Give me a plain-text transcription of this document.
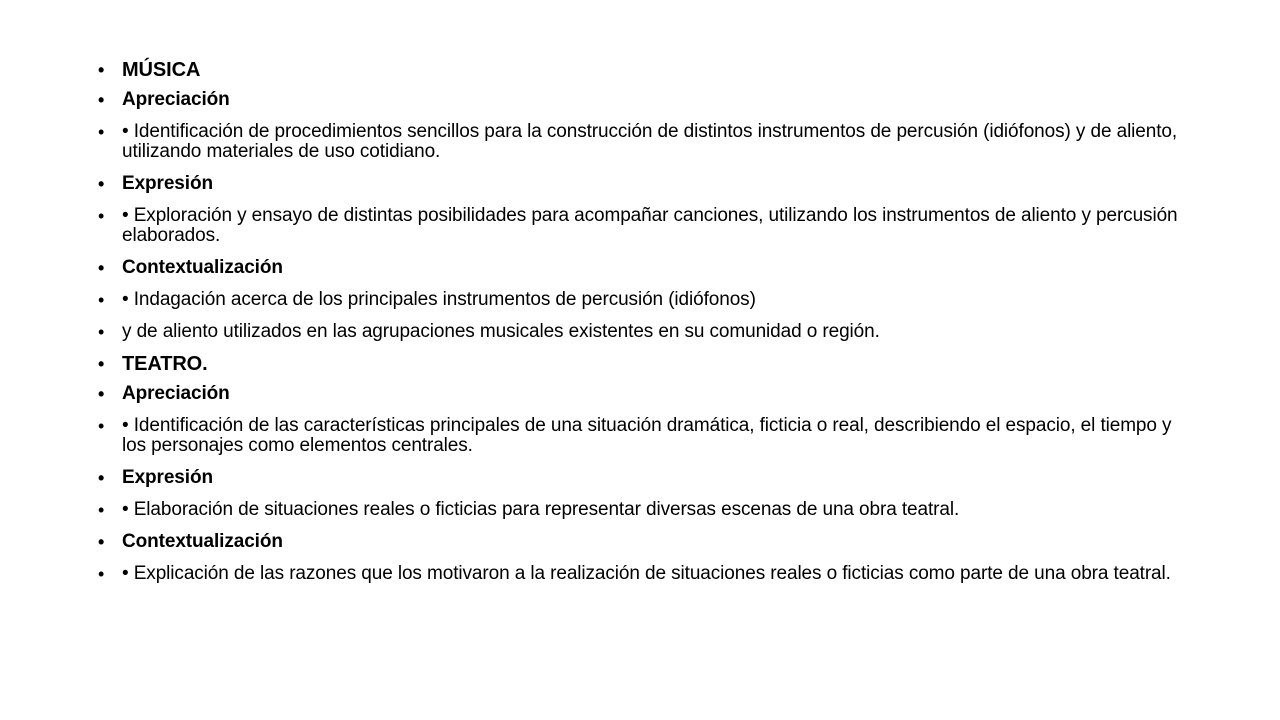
• MÚSICA
• Apreciación
• • Identificación de procedimientos sencillos para la construcción de distintos instrumentos de percusión (idiófonos) y de aliento, utilizando materiales de uso cotidiano.
• Expresión
• • Exploración y ensayo de distintas posibilidades para acompañar canciones, utilizando los instrumentos de aliento y percusión elaborados.
• Contextualización
• • Indagación acerca de los principales instrumentos de percusión (idiófonos)
• y de aliento utilizados en las agrupaciones musicales existentes en su comunidad o región.
• TEATRO.
• Apreciación
• • Identificación de las características principales de una situación dramática, ficticia o real, describiendo el espacio, el tiempo y los personajes como elementos centrales.
• Expresión
• • Elaboración de situaciones reales o ficticias para representar diversas escenas de una obra teatral.
• Contextualización
• • Explicación de las razones que los motivaron a la realización de situaciones reales o ficticias como parte de una obra teatral.
